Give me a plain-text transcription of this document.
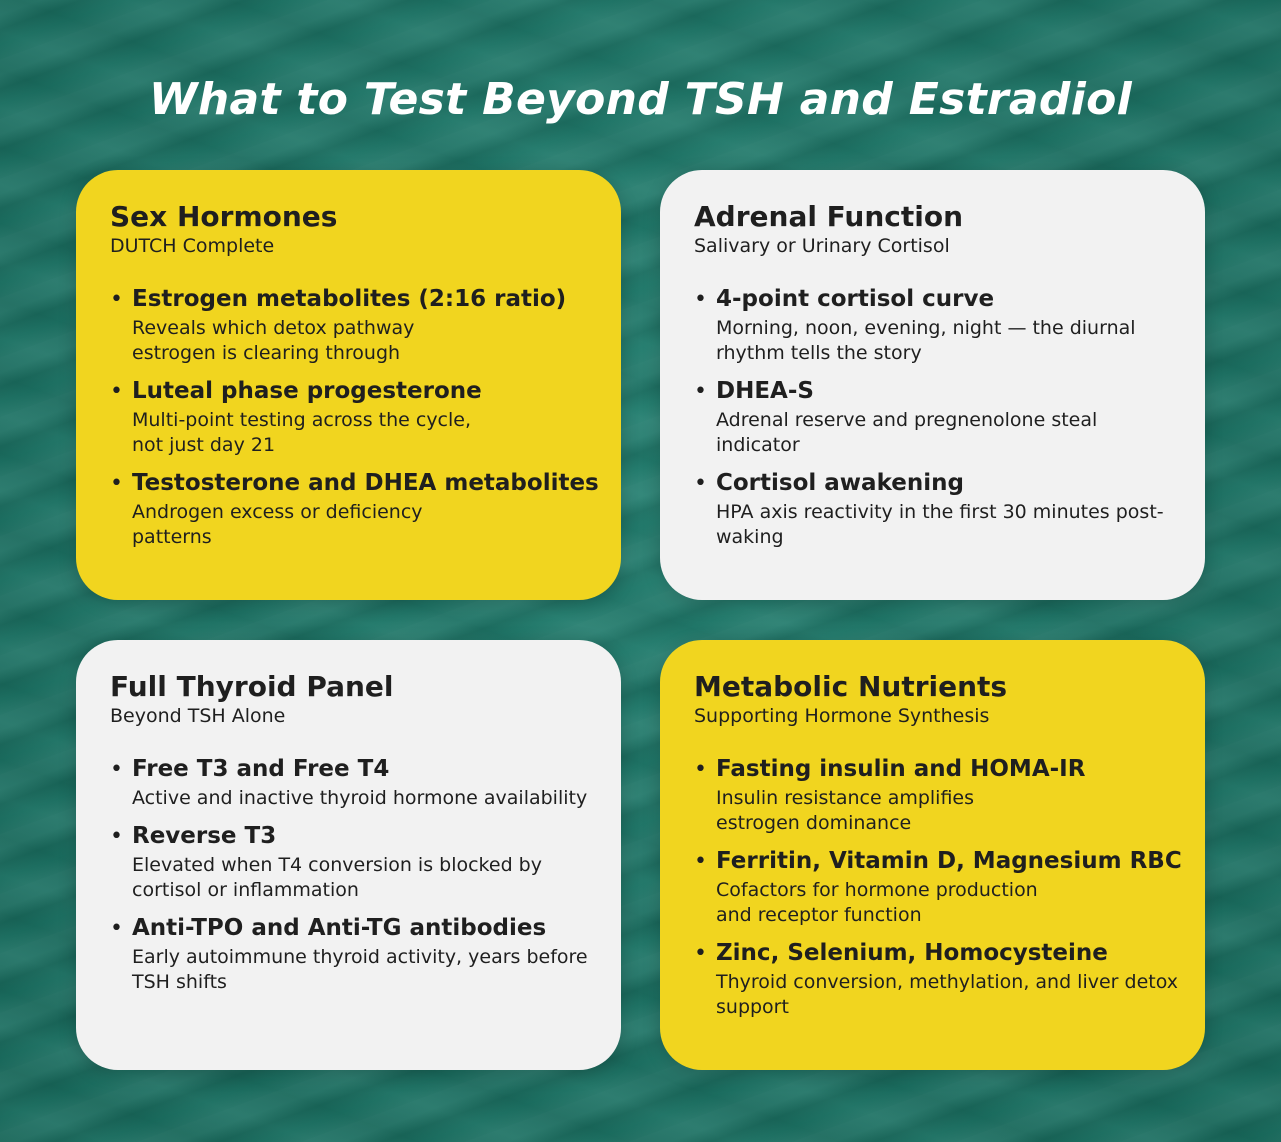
What to Test Beyond TSH and Estradiol

Sex Hormones

DUTCH Complete

• Estrogen metabolites (2:16 ratio)
Reveals which detox pathway estrogen is clearing through
• Luteal phase progesterone
Multi-point testing across the cycle, not just day 21
• Testosterone and DHEA metabolites
Androgen excess or deficiency patterns

Adrenal Function

Salivary or Urinary Cortisol

• 4-point cortisol curve
Morning, noon, evening, night — the diurnal rhythm tells the story
• DHEA-S
Adrenal reserve and pregnenolone steal indicator
• Cortisol awakening
HPA axis reactivity in the first 30 minutes post-waking

Full Thyroid Panel

Beyond TSH Alone

• Free T3 and Free T4
Active and inactive thyroid hormone availability
• Reverse T3
Elevated when T4 conversion is blocked by cortisol or inflammation
• Anti-TPO and Anti-TG antibodies
Early autoimmune thyroid activity, years before TSH shifts

Metabolic Nutrients

Supporting Hormone Synthesis

• Fasting insulin and HOMA-IR
Insulin resistance amplifies estrogen dominance
• Ferritin, Vitamin D, Magnesium RBC
Cofactors for hormone production and receptor function
• Zinc, Selenium, Homocysteine
Thyroid conversion, methylation, and liver detox support
